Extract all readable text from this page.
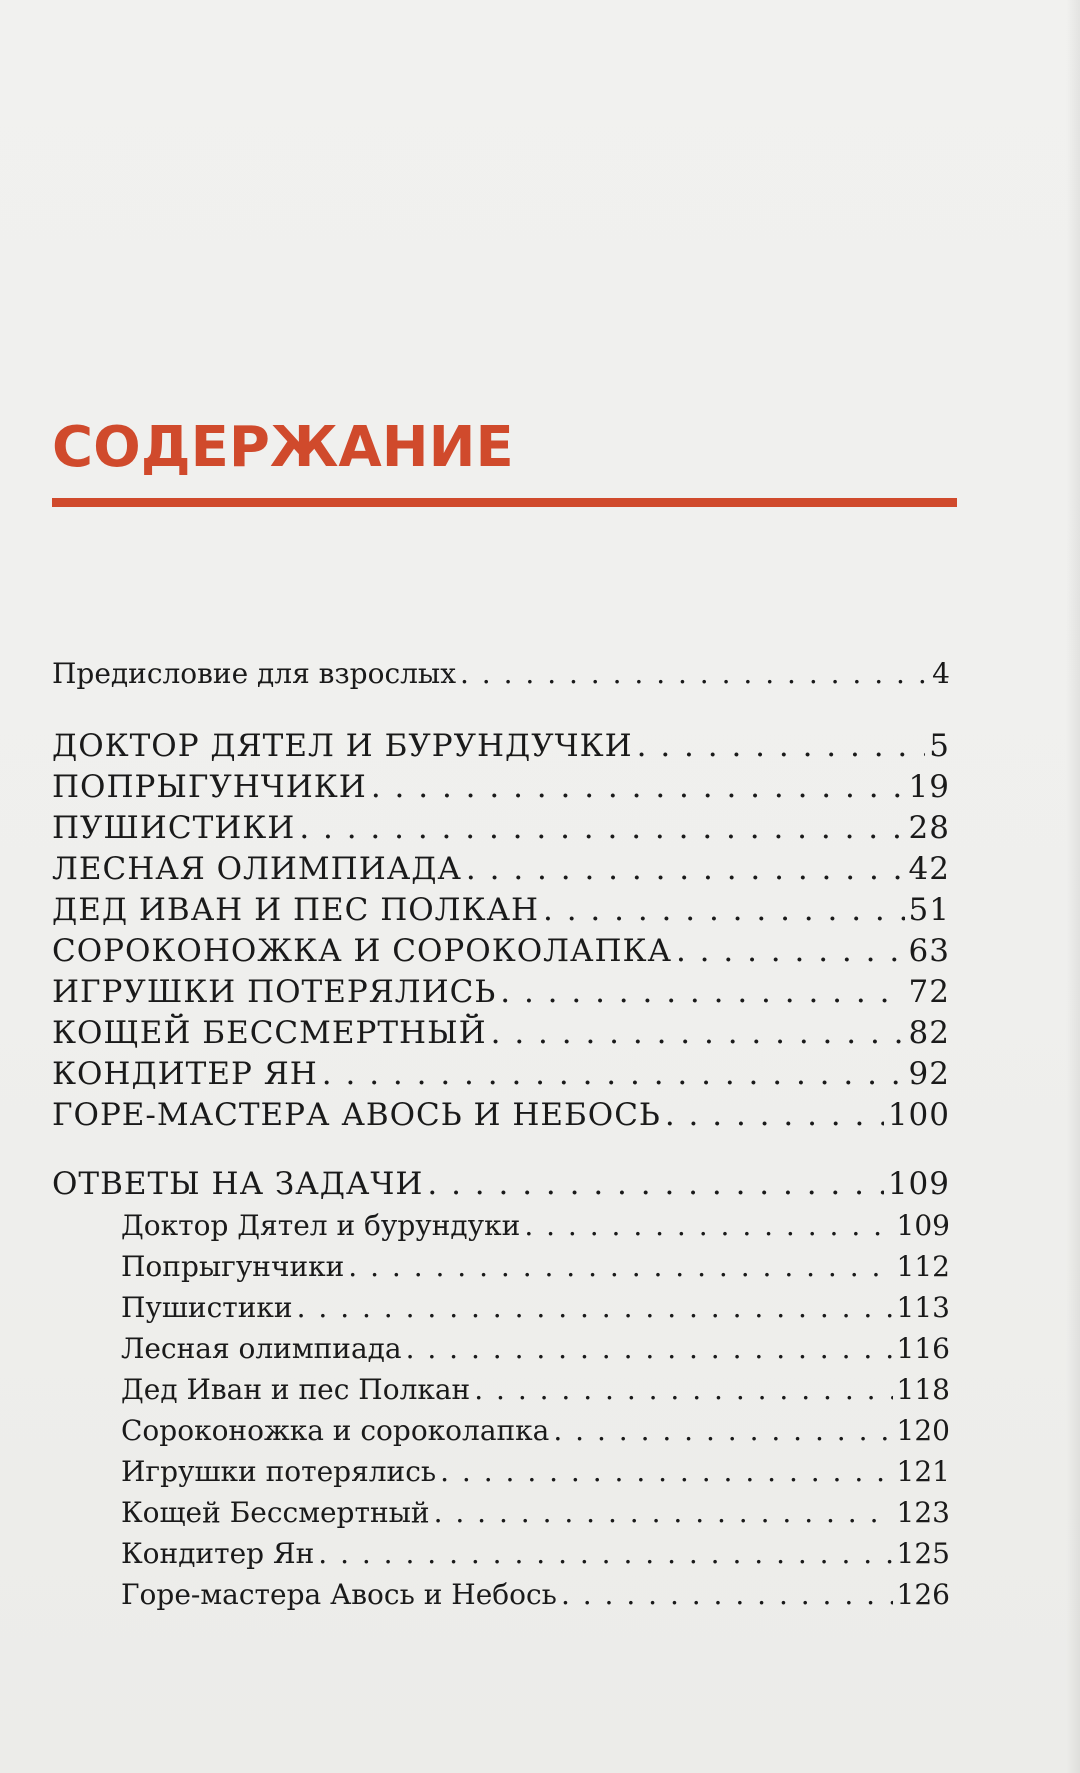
СОДЕРЖАНИЕ
Предисловие для взрослых . . .	4
ДОКТОР ДЯТЕЛ И БУРУНДУЧКИ . . .	5
ПОПРЫГУНЧИКИ . . .	19
ПУШИСТИКИ . . .	28
ЛЕСНАЯ ОЛИМПИАДА . . .	42
ДЕД ИВАН И ПЕС ПОЛКАН . . .	51
СОРОКОНОЖКА И СОРОКОЛАПКА . . .	63
ИГРУШКИ ПОТЕРЯЛИСЬ . . .	72
КОЩЕЙ БЕССМЕРТНЫЙ . . .	82
КОНДИТЕР ЯН . . .	92
ГОРЕ-МАСТЕРА АВОСЬ И НЕБОСЬ . . .	100
ОТВЕТЫ НА ЗАДАЧИ . . .	109
Доктор Дятел и бурундуки . . .	109
Попрыгунчики . . .	112
Пушистики . . .	113
Лесная олимпиада . . .	116
Дед Иван и пес Полкан . . .	118
Сороконожка и сороколапка . . .	120
Игрушки потерялись . . .	121
Кощей Бессмертный . . .	123
Кондитер Ян . . .	125
Горе-мастера Авось и Небось . . .	126
